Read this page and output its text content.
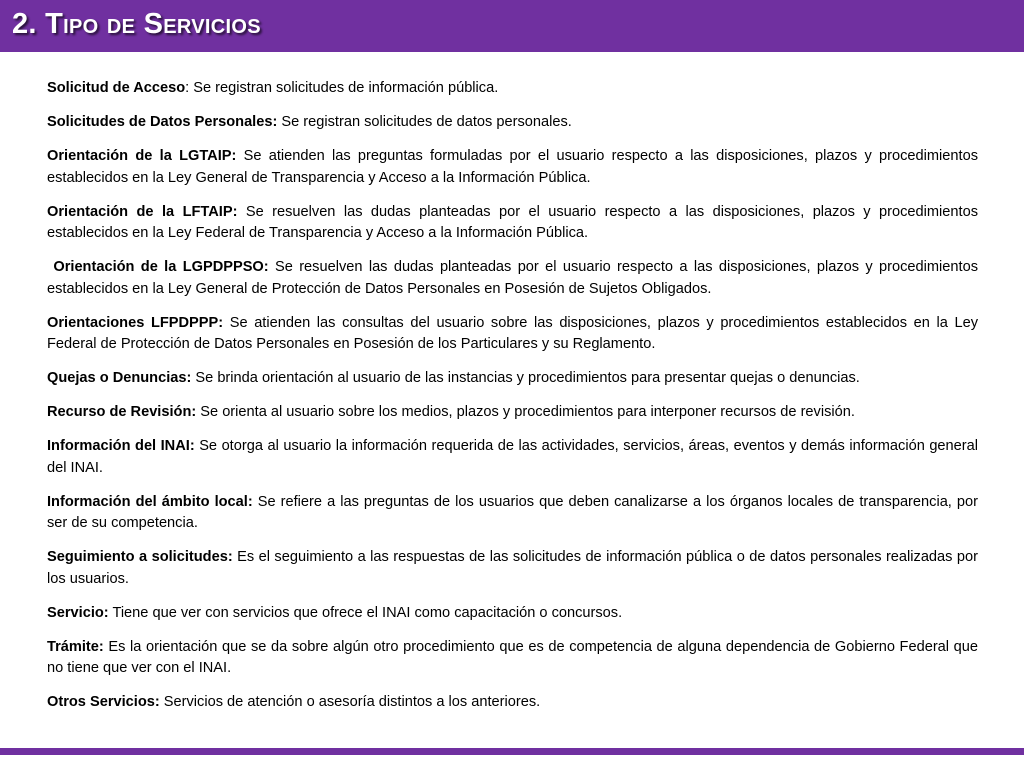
2. Tipo de Servicios

Solicitud de Acceso: Se registran solicitudes de información pública.

Solicitudes de Datos Personales: Se registran solicitudes de datos personales.

Orientación de la LGTAIP: Se atienden las preguntas formuladas por el usuario respecto a las disposiciones, plazos y procedimientos establecidos en la Ley General de Transparencia y Acceso a la Información Pública.

Orientación de la LFTAIP: Se resuelven las dudas planteadas por el usuario respecto a las disposiciones, plazos y procedimientos establecidos en la Ley Federal de Transparencia y Acceso a la Información Pública.

Orientación de la LGPDPPSO: Se resuelven las dudas planteadas por el usuario respecto a las disposiciones, plazos y procedimientos establecidos en la Ley General de Protección de Datos Personales en Posesión de Sujetos Obligados.

Orientaciones LFPDPPP: Se atienden las consultas del usuario sobre las disposiciones, plazos y procedimientos establecidos en la Ley Federal de Protección de Datos Personales en Posesión de los Particulares y su Reglamento.

Quejas o Denuncias: Se brinda orientación al usuario de las instancias y procedimientos para presentar quejas o denuncias.

Recurso de Revisión: Se orienta al usuario sobre los medios, plazos y procedimientos para interponer recursos de revisión.

Información del INAI: Se otorga al usuario la información requerida de las actividades, servicios, áreas, eventos y demás información general del INAI.

Información del ámbito local: Se refiere a las preguntas de los usuarios que deben canalizarse a los órganos locales de transparencia, por ser de su competencia.

Seguimiento a solicitudes: Es el seguimiento a las respuestas de las solicitudes de información pública o de datos personales realizadas por los usuarios.

Servicio: Tiene que ver con servicios que ofrece el INAI como capacitación o concursos.

Trámite: Es la orientación que se da sobre algún otro procedimiento que es de competencia de alguna dependencia de Gobierno Federal que no tiene que ver con el INAI.

Otros Servicios: Servicios de atención o asesoría distintos a los anteriores.
